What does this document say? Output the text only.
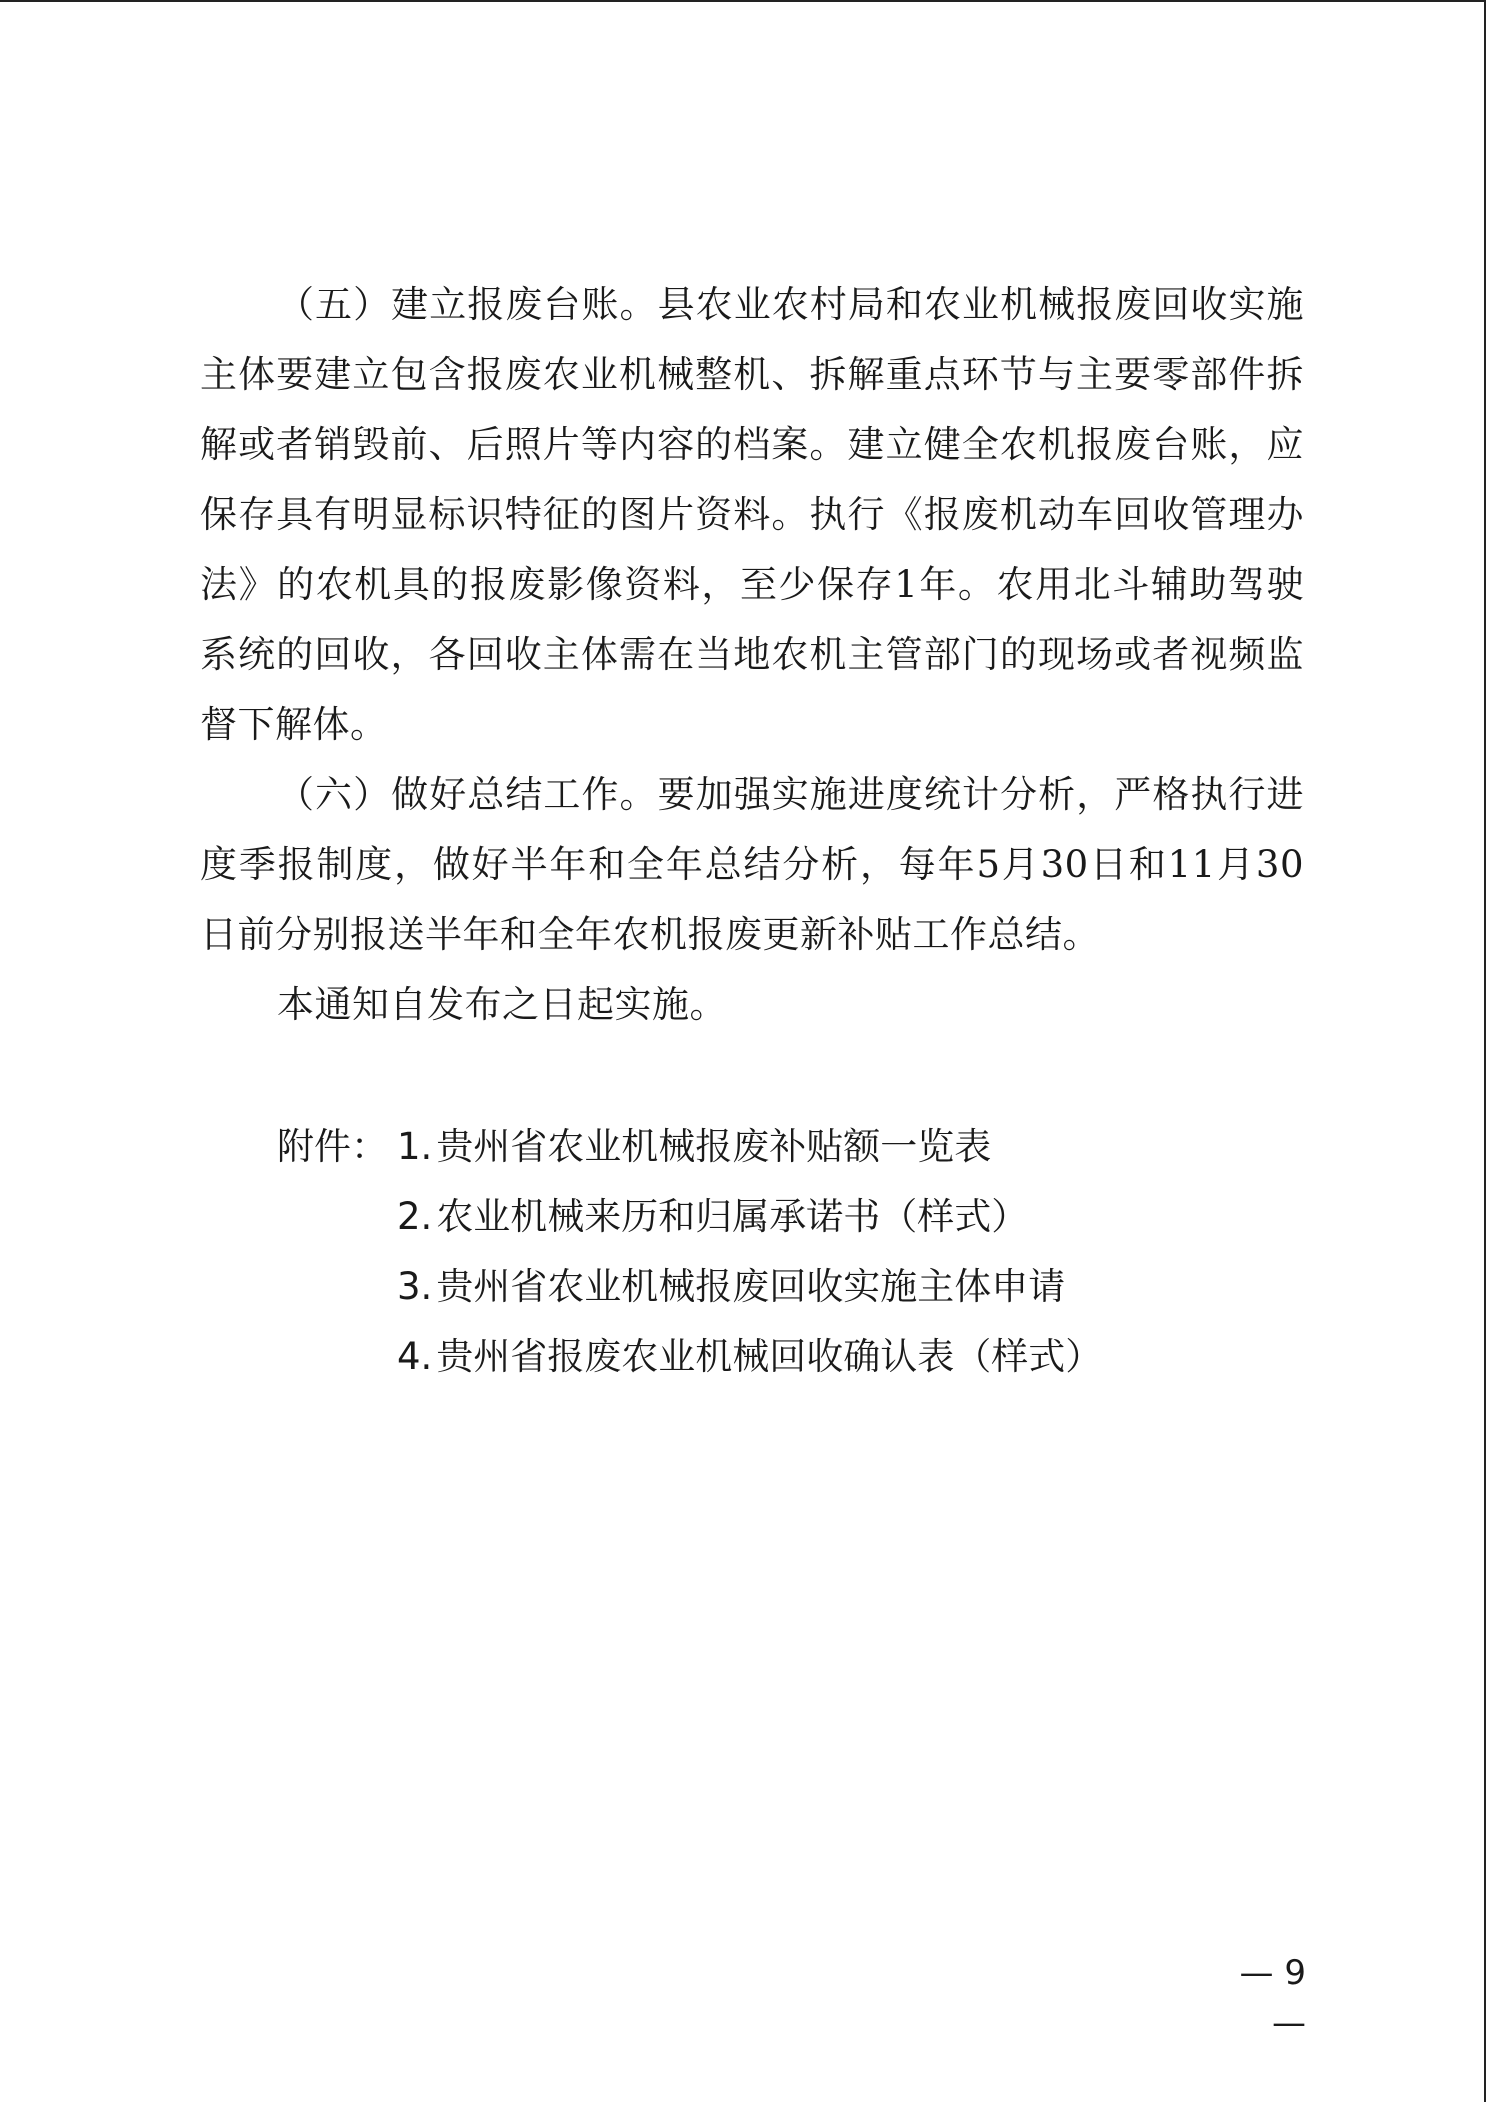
（五）建立报废台账。县农业农村局和农业机械报废回收实施主体要建立包含报废农业机械整机、拆解重点环节与主要零部件拆解或者销毁前、后照片等内容的档案。建立健全农机报废台账，应保存具有明显标识特征的图片资料。执行《报废机动车回收管理办法》的农机具的报废影像资料，至少保存1年。农用北斗辅助驾驶系统的回收，各回收主体需在当地农机主管部门的现场或者视频监督下解体。

（六）做好总结工作。要加强实施进度统计分析，严格执行进度季报制度，做好半年和全年总结分析，每年5月30日和11月30日前分别报送半年和全年农机报废更新补贴工作总结。

本通知自发布之日起实施。

附件： 1. 贵州省农业机械报废补贴额一览表
2. 农业机械来历和归属承诺书（样式）
3. 贵州省农业机械报废回收实施主体申请
4. 贵州省报废农业机械回收确认表（样式）
— 9 —
